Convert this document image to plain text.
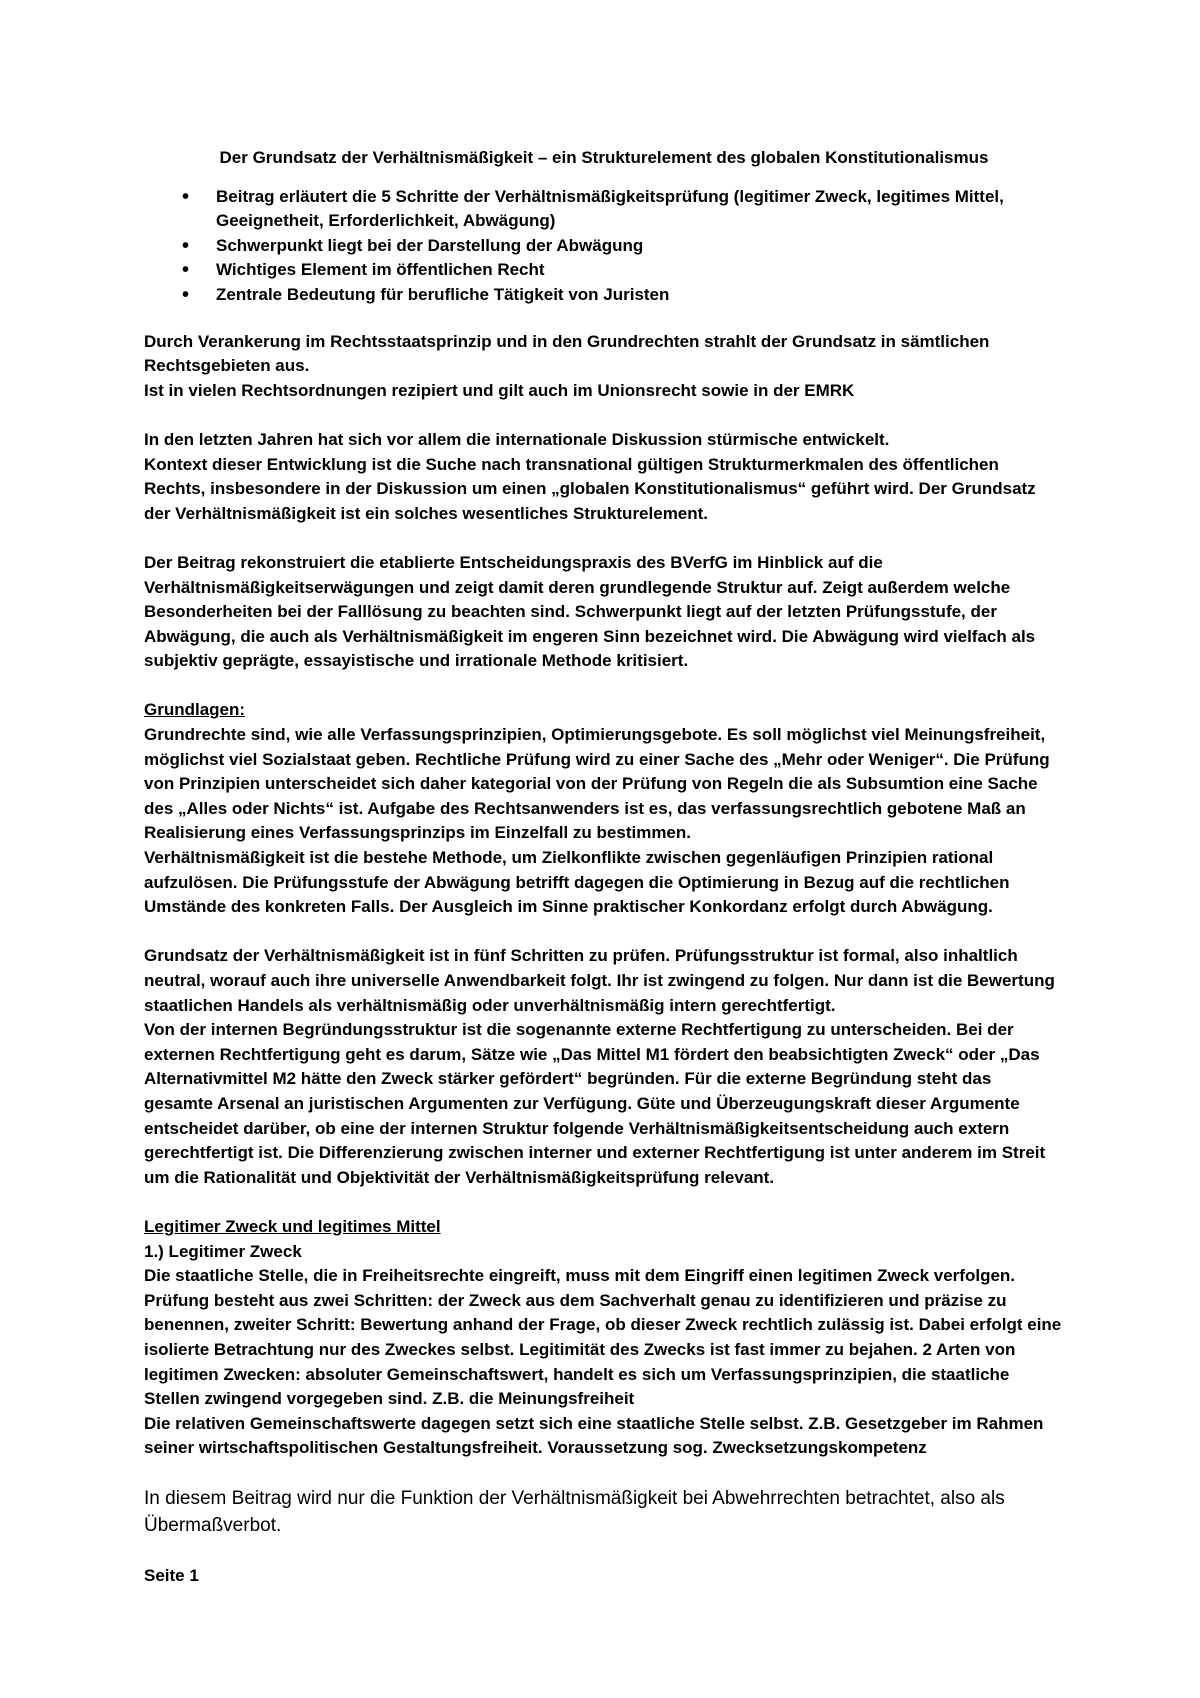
Der Grundsatz der Verhältnismäßigkeit – ein Strukturelement des globalen Konstitutionalismus
• Beitrag erläutert die 5 Schritte der Verhältnismäßigkeitsprüfung (legitimer Zweck, legitimes Mittel, Geeignetheit, Erforderlichkeit, Abwägung)
• Schwerpunkt liegt bei der Darstellung der Abwägung
• Wichtiges Element im öffentlichen Recht
• Zentrale Bedeutung für berufliche Tätigkeit von Juristen

Durch Verankerung im Rechtsstaatsprinzip und in den Grundrechten strahlt der Grundsatz in sämtlichen Rechtsgebieten aus.

Ist in vielen Rechtsordnungen rezipiert und gilt auch im Unionsrecht sowie in der EMRK

In den letzten Jahren hat sich vor allem die internationale Diskussion stürmische entwickelt.

Kontext dieser Entwicklung ist die Suche nach transnational gültigen Strukturmerkmalen des öffentlichen Rechts, insbesondere in der Diskussion um einen „globalen Konstitutionalismus“ geführt wird. Der Grundsatz der Verhältnismäßigkeit ist ein solches wesentliches Strukturelement.

Der Beitrag rekonstruiert die etablierte Entscheidungspraxis des BVerfG im Hinblick auf die Verhältnismäßigkeitserwägungen und zeigt damit deren grundlegende Struktur auf. Zeigt außerdem welche Besonderheiten bei der Falllösung zu beachten sind. Schwerpunkt liegt auf der letzten Prüfungsstufe, der Abwägung, die auch als Verhältnismäßigkeit im engeren Sinn bezeichnet wird. Die Abwägung wird vielfach als subjektiv geprägte, essayistische und irrationale Methode kritisiert.

Grundlagen:

Grundrechte sind, wie alle Verfassungsprinzipien, Optimierungsgebote. Es soll möglichst viel Meinungsfreiheit, möglichst viel Sozialstaat geben. Rechtliche Prüfung wird zu einer Sache des „Mehr oder Weniger“. Die Prüfung von Prinzipien unterscheidet sich daher kategorial von der Prüfung von Regeln die als Subsumtion eine Sache des „Alles oder Nichts“ ist. Aufgabe des Rechtsanwenders ist es, das verfassungsrechtlich gebotene Maß an Realisierung eines Verfassungsprinzips im Einzelfall zu bestimmen.

Verhältnismäßigkeit ist die bestehe Methode, um Zielkonflikte zwischen gegenläufigen Prinzipien rational aufzulösen. Die Prüfungsstufe der Abwägung betrifft dagegen die Optimierung in Bezug auf die rechtlichen Umstände des konkreten Falls. Der Ausgleich im Sinne praktischer Konkordanz erfolgt durch Abwägung.

Grundsatz der Verhältnismäßigkeit ist in fünf Schritten zu prüfen. Prüfungsstruktur ist formal, also inhaltlich neutral, worauf auch ihre universelle Anwendbarkeit folgt. Ihr ist zwingend zu folgen. Nur dann ist die Bewertung staatlichen Handels als verhältnismäßig oder unverhältnismäßig intern gerechtfertigt.

Von der internen Begründungsstruktur ist die sogenannte externe Rechtfertigung zu unterscheiden. Bei der externen Rechtfertigung geht es darum, Sätze wie „Das Mittel M1 fördert den beabsichtigten Zweck“ oder „Das Alternativmittel M2 hätte den Zweck stärker gefördert“ begründen. Für die externe Begründung steht das gesamte Arsenal an juristischen Argumenten zur Verfügung. Güte und Überzeugungskraft dieser Argumente entscheidet darüber, ob eine der internen Struktur folgende Verhältnismäßigkeitsentscheidung auch extern gerechtfertigt ist. Die Differenzierung zwischen interner und externer Rechtfertigung ist unter anderem im Streit um die Rationalität und Objektivität der Verhältnismäßigkeitsprüfung relevant.

Legitimer Zweck und legitimes Mittel

1.) Legitimer Zweck

Die staatliche Stelle, die in Freiheitsrechte eingreift, muss mit dem Eingriff einen legitimen Zweck verfolgen. Prüfung besteht aus zwei Schritten: der Zweck aus dem Sachverhalt genau zu identifizieren und präzise zu benennen, zweiter Schritt: Bewertung anhand der Frage, ob dieser Zweck rechtlich zulässig ist. Dabei erfolgt eine isolierte Betrachtung nur des Zweckes selbst. Legitimität des Zwecks ist fast immer zu bejahen. 2 Arten von legitimen Zwecken: absoluter Gemeinschaftswert, handelt es sich um Verfassungsprinzipien, die staatliche Stellen zwingend vorgegeben sind. Z.B. die Meinungsfreiheit

Die relativen Gemeinschaftswerte dagegen setzt sich eine staatliche Stelle selbst. Z.B. Gesetzgeber im Rahmen seiner wirtschaftspolitischen Gestaltungsfreiheit. Voraussetzung sog. Zwecksetzungskompetenz

In diesem Beitrag wird nur die Funktion der Verhältnismäßigkeit bei Abwehrrechten betrachtet, also als Übermaßverbot.

Seite 1
